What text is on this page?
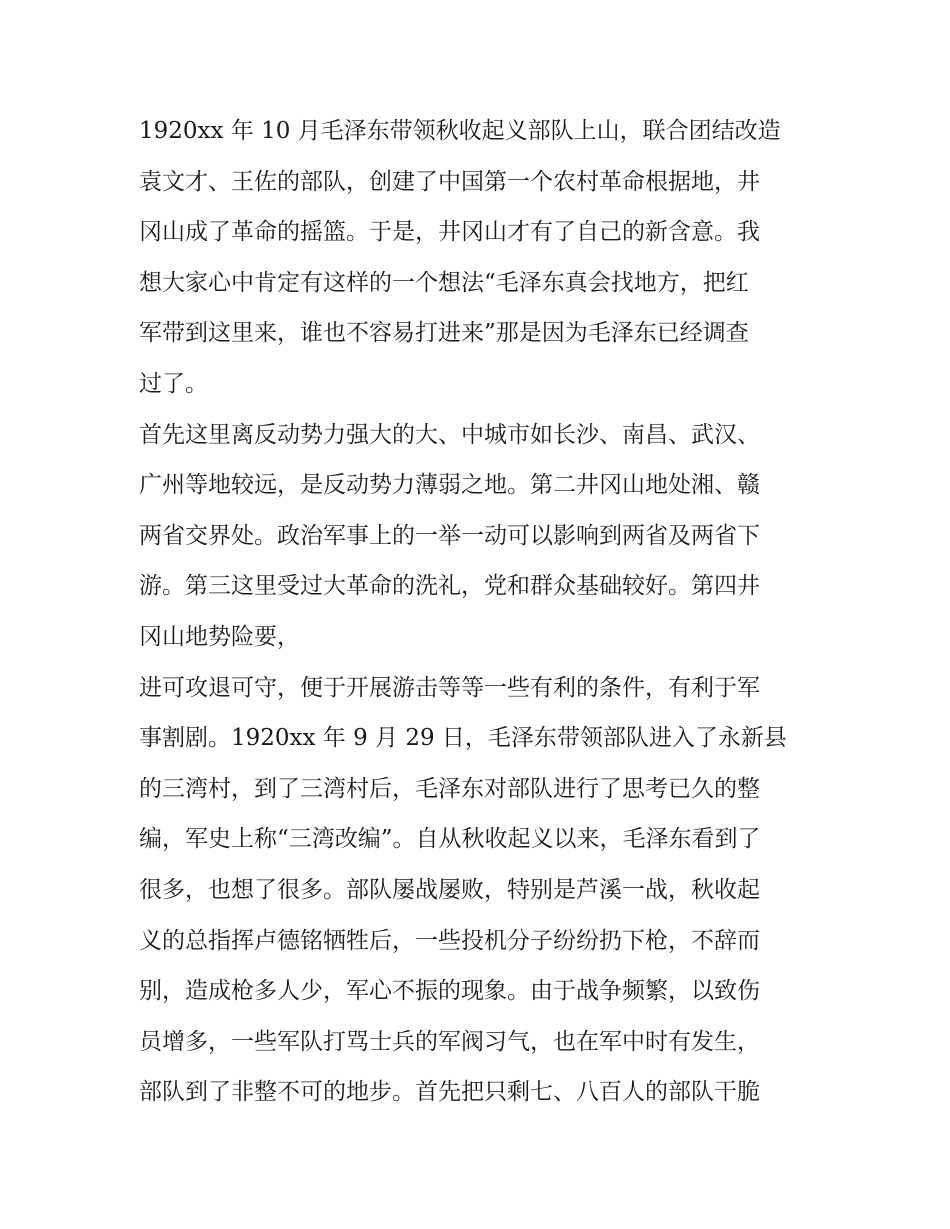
1920xx 年 10 月毛泽东带领秋收起义部队上山，联合团结改造
袁文才、王佐的部队，创建了中国第一个农村革命根据地，井
冈山成了革命的摇篮。于是，井冈山才有了自己的新含意。我
想大家心中肯定有这样的一个想法“毛泽东真会找地方，把红
军带到这里来，谁也不容易打进来”那是因为毛泽东已经调查
过了。
首先这里离反动势力强大的大、中城市如长沙、南昌、武汉、
广州等地较远，是反动势力薄弱之地。第二井冈山地处湘、赣
两省交界处。政治军事上的一举一动可以影响到两省及两省下
游。第三这里受过大革命的洗礼，党和群众基础较好。第四井
冈山地势险要，
进可攻退可守，便于开展游击等等一些有利的条件，有利于军
事割剧。1920xx 年 9 月 29 日，毛泽东带领部队进入了永新县
的三湾村，到了三湾村后，毛泽东对部队进行了思考已久的整
编，军史上称“三湾改编”。自从秋收起义以来，毛泽东看到了
很多，也想了很多。部队屡战屡败，特别是芦溪一战，秋收起
义的总指挥卢德铭牺牲后，一些投机分子纷纷扔下枪，不辞而
别，造成枪多人少，军心不振的现象。由于战争频繁，以致伤
员增多，一些军队打骂士兵的军阀习气，也在军中时有发生，
部队到了非整不可的地步。首先把只剩七、八百人的部队干脆
